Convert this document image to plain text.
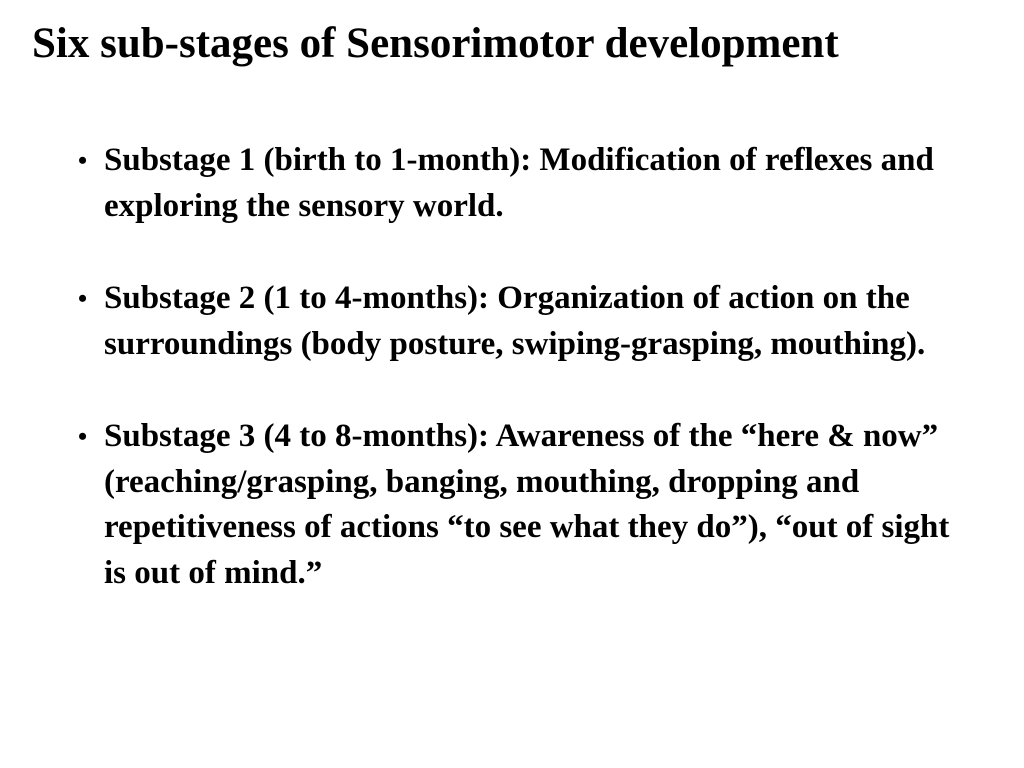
Six sub-stages of Sensorimotor development
• Substage 1 (birth to 1-month): Modification of reflexes and exploring the sensory world.
• Substage 2 (1 to 4-months): Organization of action on the surroundings (body posture, swiping-grasping, mouthing).
• Substage 3 (4 to 8-months): Awareness of the “here & now” (reaching/grasping, banging, mouthing, dropping and repetitiveness of actions “to see what they do”), “out of sight is out of mind.”
